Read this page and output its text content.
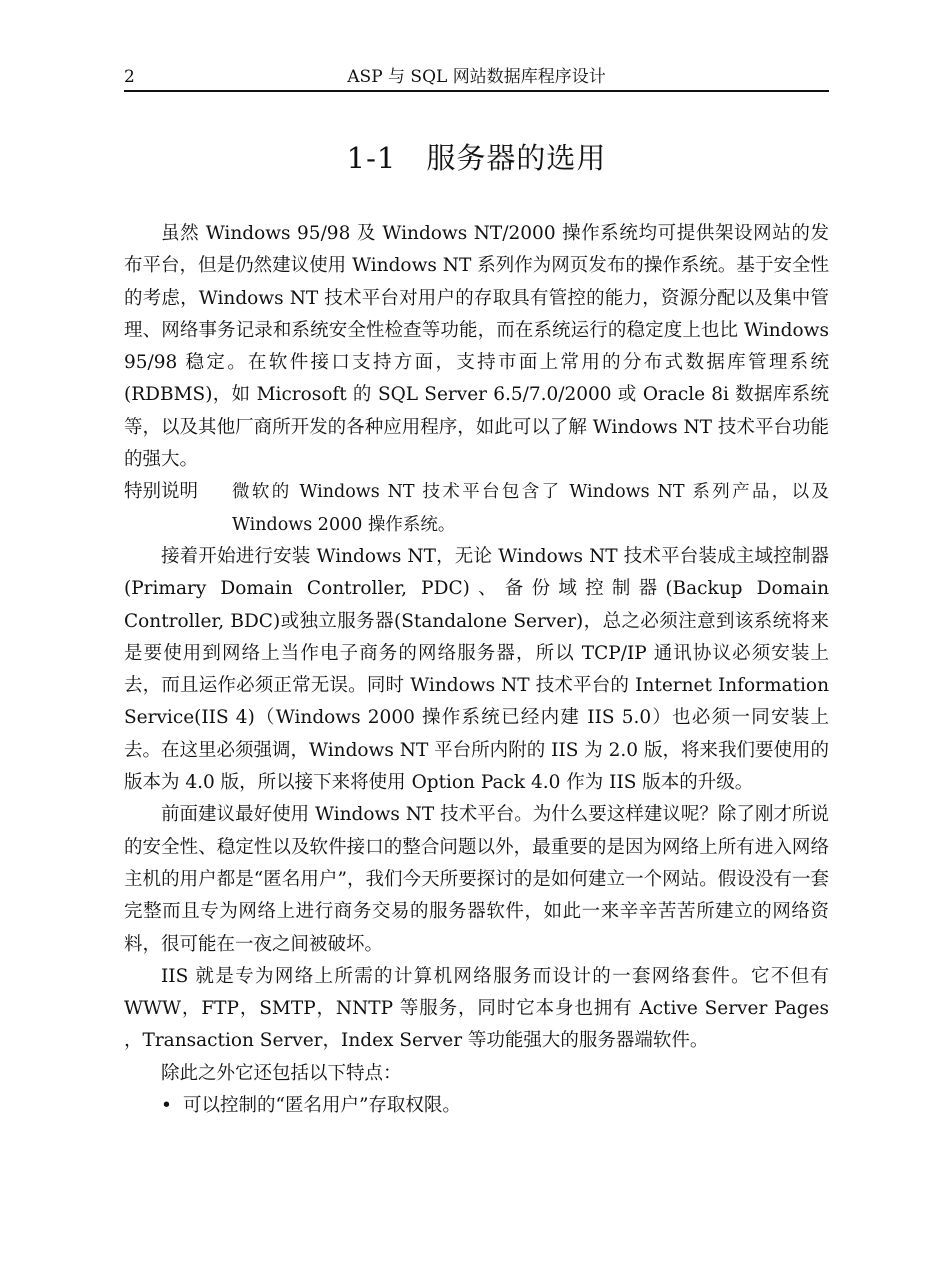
2	ASP 与 SQL 网站数据库程序设计
1-1　服务器的选用

虽然 Windows 95/98 及 Windows NT/2000 操作系统均可提供架设网站的发布平台，但是仍然建议使用 Windows NT 系列作为网页发布的操作系统。基于安全性的考虑，Windows NT 技术平台对用户的存取具有管控的能力，资源分配以及集中管理、网络事务记录和系统安全性检查等功能，而在系统运行的稳定度上也比 Windows 95/98 稳定。在软件接口支持方面，支持市面上常用的分布式数据库管理系统(RDBMS)，如 Microsoft 的 SQL Server 6.5/7.0/2000 或 Oracle 8i 数据库系统等，以及其他厂商所开发的各种应用程序，如此可以了解 Windows NT 技术平台功能的强大。

特别说明	微软的 Windows NT 技术平台包含了 Windows NT 系列产品，以及 Windows 2000 操作系统。

接着开始进行安装 Windows NT，无论 Windows NT 技术平台装成主域控制器(Primary Domain Controller, PDC)、备份域控制器(Backup Domain Controller, BDC)或独立服务器(Standalone Server)，总之必须注意到该系统将来是要使用到网络上当作电子商务的网络服务器，所以 TCP/IP 通讯协议必须安装上去，而且运作必须正常无误。同时 Windows NT 技术平台的 Internet Information Service(IIS 4)（Windows 2000 操作系统已经内建 IIS 5.0）也必须一同安装上去。在这里必须强调，Windows NT 平台所内附的 IIS 为 2.0 版，将来我们要使用的版本为 4.0 版，所以接下来将使用 Option Pack 4.0 作为 IIS 版本的升级。

前面建议最好使用 Windows NT 技术平台。为什么要这样建议呢？除了刚才所说的安全性、稳定性以及软件接口的整合问题以外，最重要的是因为网络上所有进入网络主机的用户都是“匿名用户”，我们今天所要探讨的是如何建立一个网站。假设没有一套完整而且专为网络上进行商务交易的服务器软件，如此一来辛辛苦苦所建立的网络资料，很可能在一夜之间被破坏。

IIS 就是专为网络上所需的计算机网络服务而设计的一套网络套件。它不但有 WWW，FTP，SMTP，NNTP 等服务，同时它本身也拥有 Active Server Pages ，Transaction Server，Index Server 等功能强大的服务器端软件。

除此之外它还包括以下特点：

• 可以控制的“匿名用户”存取权限。
